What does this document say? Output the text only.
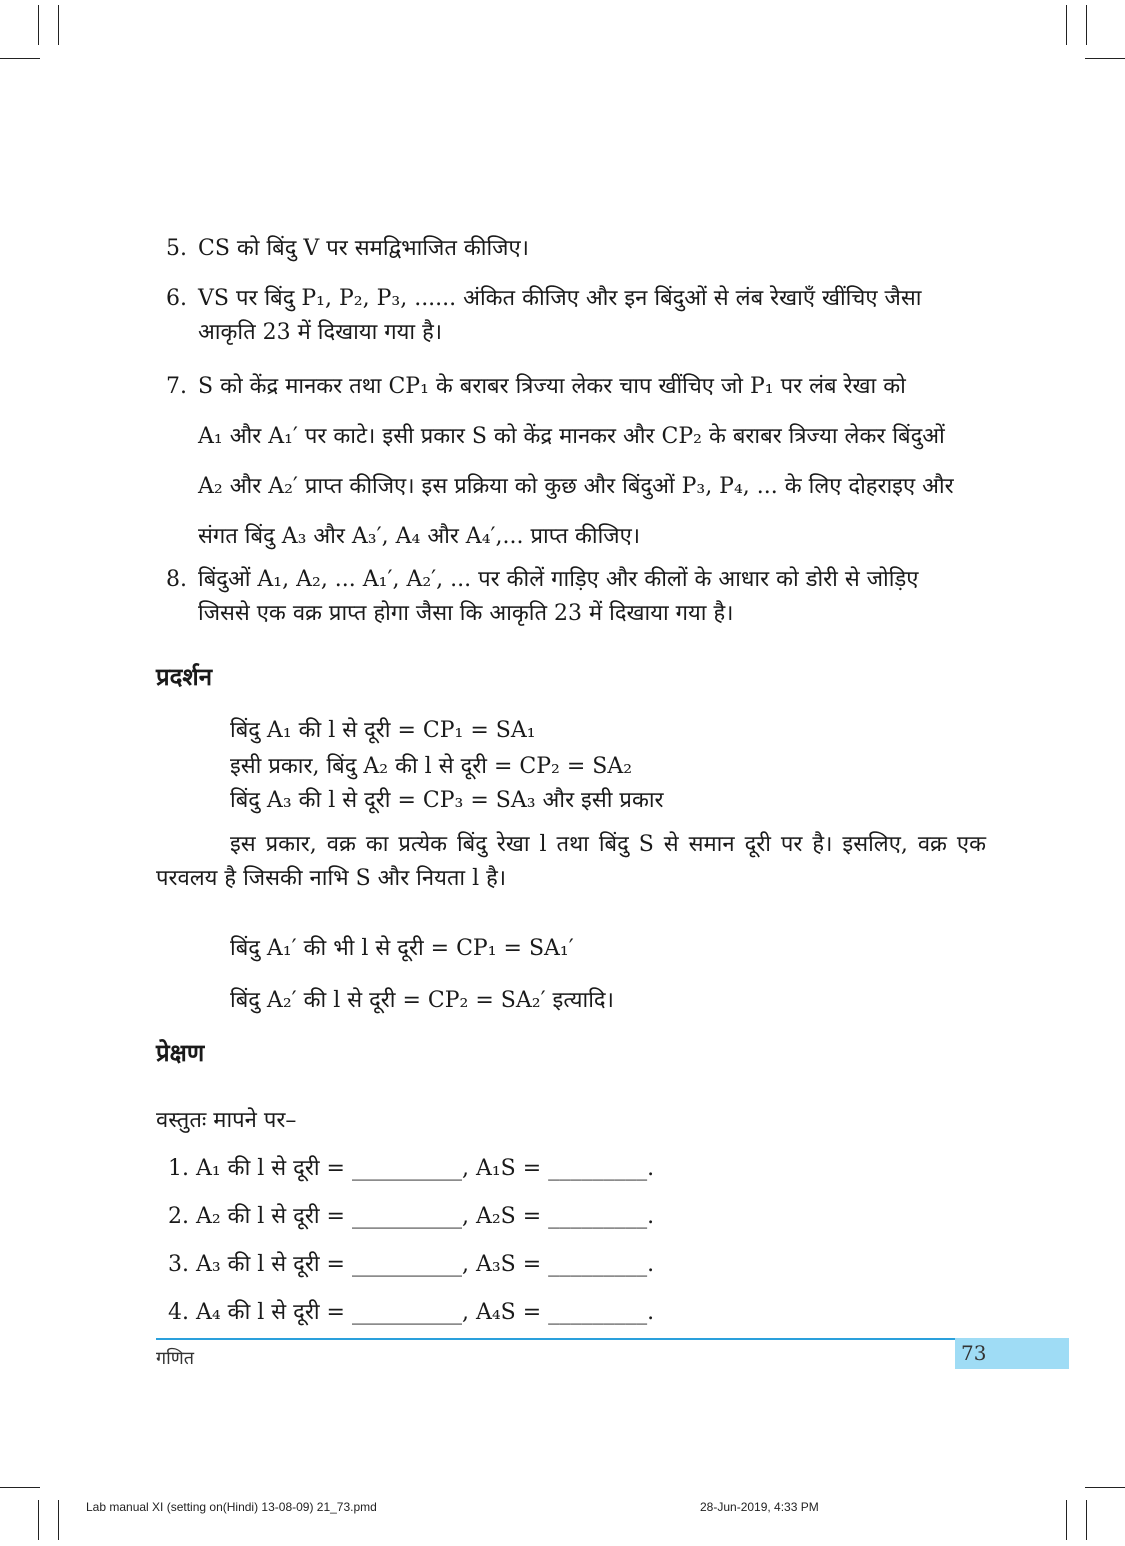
5. CS को बिंदु V पर समद्विभाजित कीजिए।
6. VS पर बिंदु P₁, P₂, P₃, ...... अंकित कीजिए और इन बिंदुओं से लंब रेखाएँ खींचिए जैसा
आकृति 23 में दिखाया गया है।
7. S को केंद्र मानकर तथा CP₁ के बराबर त्रिज्या लेकर चाप खींचिए जो P₁ पर लंब रेखा को
A₁ और A₁′ पर काटे। इसी प्रकार S को केंद्र मानकर और CP₂ के बराबर त्रिज्या लेकर बिंदुओं
A₂ और A₂′ प्राप्त कीजिए। इस प्रक्रिया को कुछ और बिंदुओं P₃, P₄, ... के लिए दोहराइए और
संगत बिंदु A₃ और A₃′, A₄ और A₄′,... प्राप्त कीजिए।
8. बिंदुओं A₁, A₂, ... A₁′, A₂′, ... पर कीलें गाड़िए और कीलों के आधार को डोरी से जोड़िए
जिससे एक वक्र प्राप्त होगा जैसा कि आकृति 23 में दिखाया गया है।
प्रदर्शन
बिंदु A₁ की l से दूरी = CP₁ = SA₁
इसी प्रकार, बिंदु A₂ की l से दूरी = CP₂ = SA₂
बिंदु A₃ की l से दूरी = CP₃ = SA₃ और इसी प्रकार
इस प्रकार, वक्र का प्रत्येक बिंदु रेखा l तथा बिंदु S से समान दूरी पर है। इसलिए, वक्र एक परवलय है जिसकी नाभि S और नियता l है।
बिंदु A₁′ की भी l से दूरी = CP₁ = SA₁′
बिंदु A₂′ की l से दूरी = CP₂ = SA₂′ इत्यादि।
प्रेक्षण
वस्तुतः मापने पर–
1. A₁ की l से दूरी = __________, A₁S = _________.
2. A₂ की l से दूरी = __________, A₂S = _________.
3. A₃ की l से दूरी = __________, A₃S = _________.
4. A₄ की l से दूरी = __________, A₄S = _________.
गणित	73
Lab manual XI (setting on(Hindi) 13-08-09) 21_73.pmd	28-Jun-2019, 4:33 PM
